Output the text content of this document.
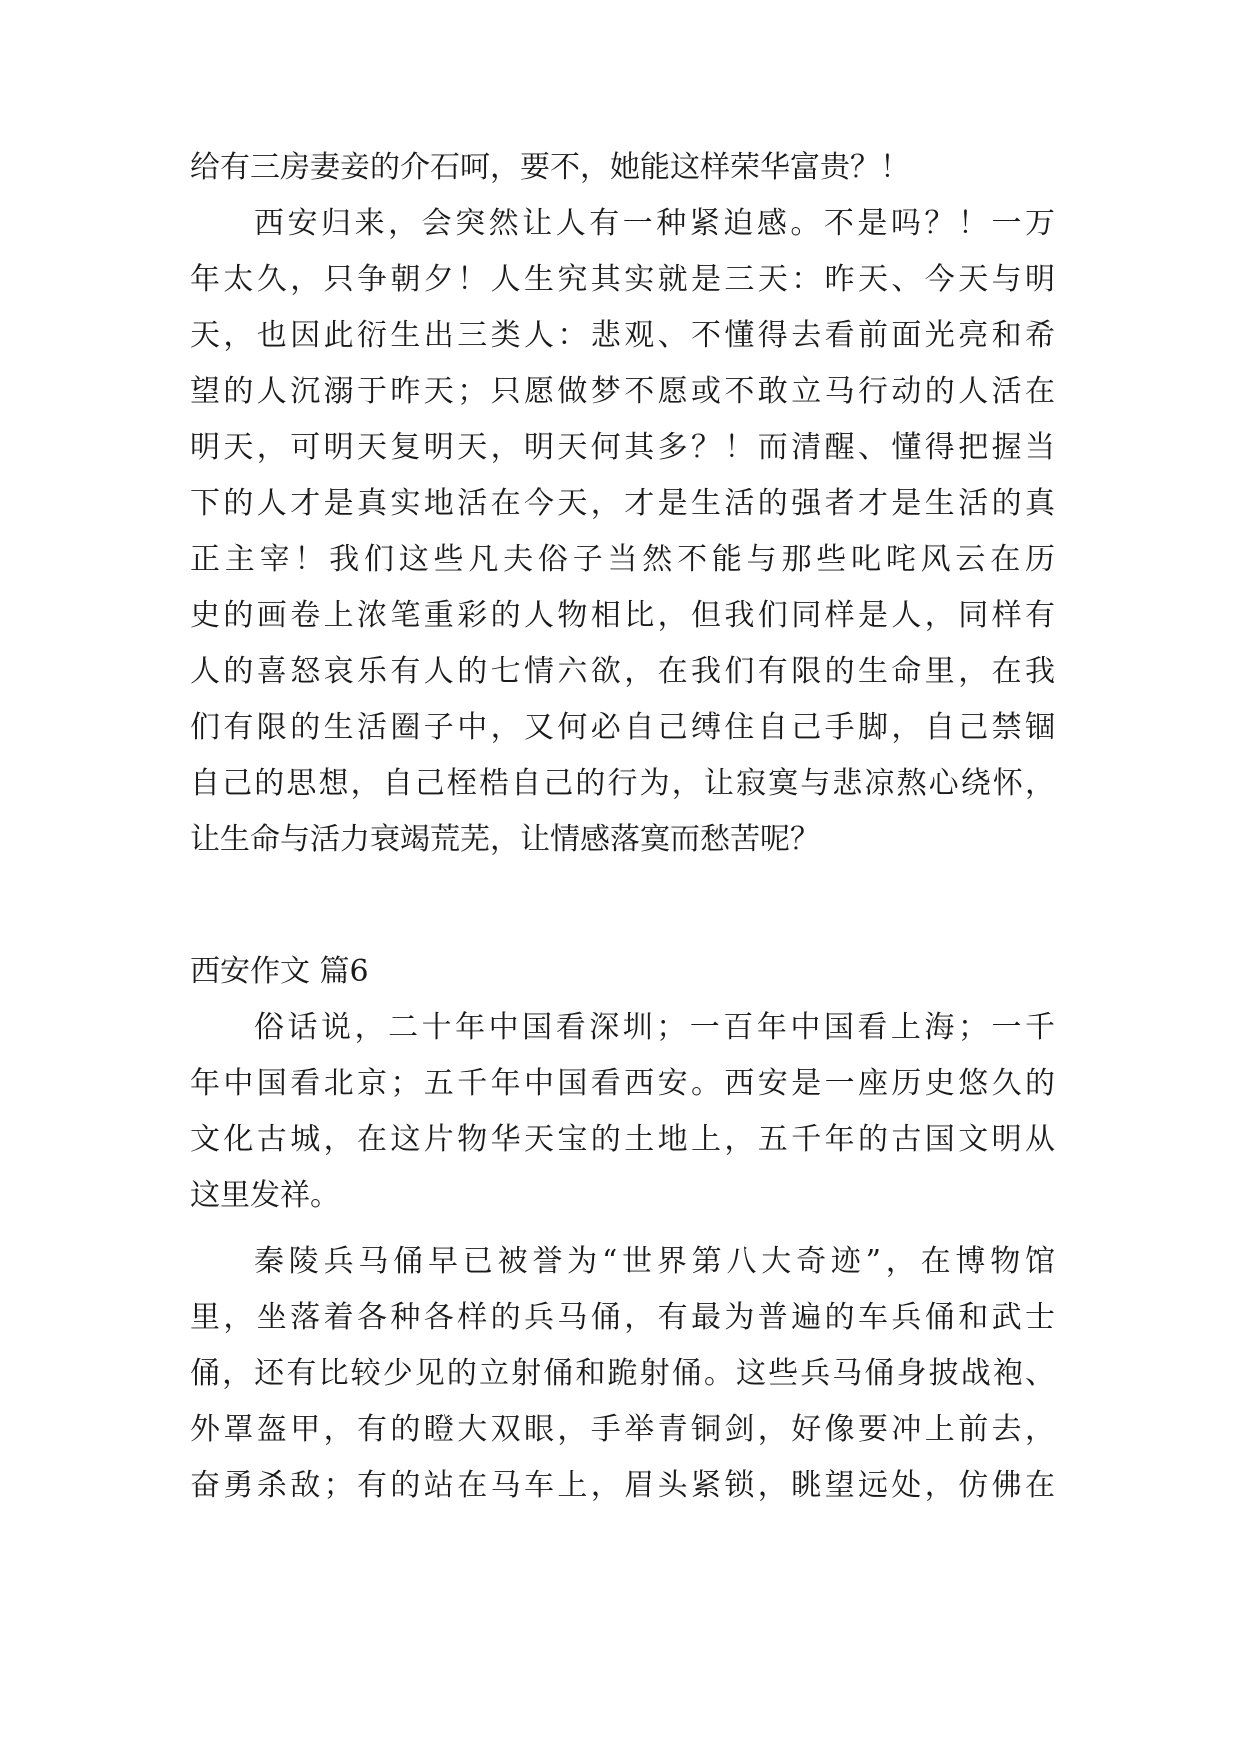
给有三房妻妾的介石呵，要不，她能这样荣华富贵？！

西安归来，会突然让人有一种紧迫感。不是吗？！一万

年太久，只争朝夕！人生究其实就是三天：昨天、今天与明

天，也因此衍生出三类人：悲观、不懂得去看前面光亮和希

望的人沉溺于昨天；只愿做梦不愿或不敢立马行动的人活在

明天，可明天复明天，明天何其多？！而清醒、懂得把握当

下的人才是真实地活在今天，才是生活的强者才是生活的真

正主宰！我们这些凡夫俗子当然不能与那些叱咤风云在历

史的画卷上浓笔重彩的人物相比，但我们同样是人，同样有

人的喜怒哀乐有人的七情六欲，在我们有限的生命里，在我

们有限的生活圈子中，又何必自己缚住自己手脚，自己禁锢

自己的思想，自己桎梏自己的行为，让寂寞与悲凉熬心绕怀，

让生命与活力衰竭荒芜，让情感落寞而愁苦呢？

西安作文 篇6

俗话说，二十年中国看深圳；一百年中国看上海；一千

年中国看北京；五千年中国看西安。西安是一座历史悠久的

文化古城，在这片物华天宝的土地上，五千年的古国文明从

这里发祥。

秦陵兵马俑早已被誉为“世界第八大奇迹”，在博物馆

里，坐落着各种各样的兵马俑，有最为普遍的车兵俑和武士

俑，还有比较少见的立射俑和跪射俑。这些兵马俑身披战袍、

外罩盔甲，有的瞪大双眼，手举青铜剑，好像要冲上前去，

奋勇杀敌；有的站在马车上，眉头紧锁，眺望远处，仿佛在
